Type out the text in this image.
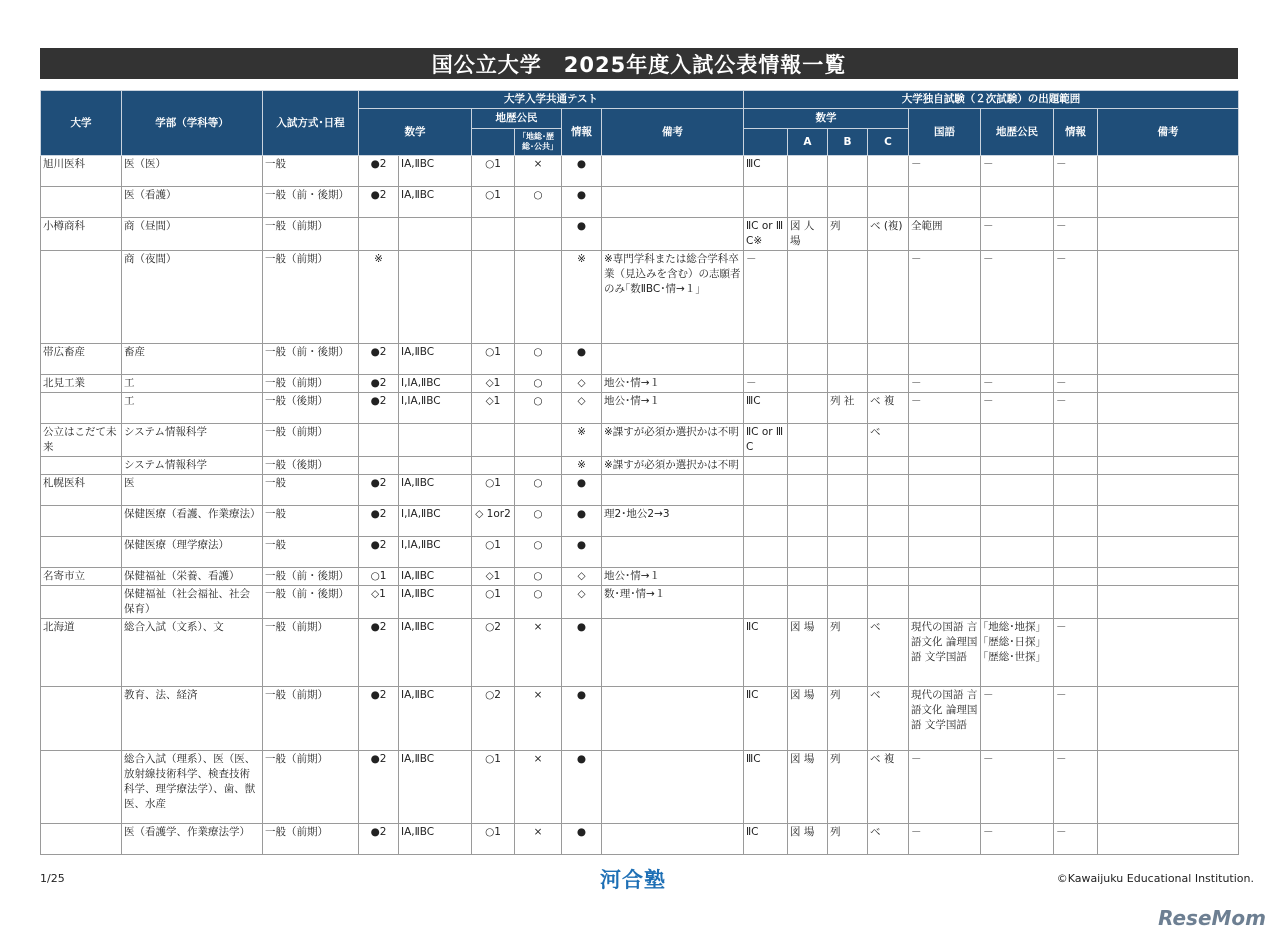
国公立大学　2025年度入試公表情報一覧
大学	学部（学科等）	入試方式･日程	大学入学共通テスト						大学独自試験（２次試験）の出題範囲							
			数学		地歴公民		情報	備考	数学				国語	地歴公民	情報	備考
						｢地総･歴総･公共｣				A	B	C				
旭川医科	医（医）	一般	●2	ⅠA,ⅡBC	○1	×	●		ⅢC				－	－	－	
	医（看護）	一般（前・後期）	●2	ⅠA,ⅡBC	○1	○	●									
小樽商科	商（昼間）	一般（前期）					●		ⅡC or ⅢC※	図 人 場	列	ベ (複)	全範囲	－	－	
	商（夜間）	一般（前期）	※				※	※専門学科または総合学科卒業（見込みを含む）の志願者のみ｢数ⅡBC･情→１｣	－				－	－	－	
帯広畜産	畜産	一般（前・後期）	●2	ⅠA,ⅡBC	○1	○	●									
北見工業	工	一般（前期）	●2	Ⅰ,ⅠA,ⅡBC	◇1	○	◇	地公･情→１	－				－	－	－	
	工	一般（後期）	●2	Ⅰ,ⅠA,ⅡBC	◇1	○	◇	地公･情→１	ⅢC		列 社	ベ 複	－	－	－	
公立はこだて未来	システム情報科学	一般（前期）					※	※課すが必須か選択かは不明	ⅡC or ⅢC			ベ				
	システム情報科学	一般（後期）					※	※課すが必須か選択かは不明								
札幌医科	医	一般	●2	ⅠA,ⅡBC	○1	○	●									
	保健医療（看護、作業療法）	一般	●2	Ⅰ,ⅠA,ⅡBC	◇ 1or2	○	●	理2･地公2→3								
	保健医療（理学療法）	一般	●2	Ⅰ,ⅠA,ⅡBC	○1	○	●									
名寄市立	保健福祉（栄養、看護）	一般（前・後期）	○1	ⅠA,ⅡBC	◇1	○	◇	地公･情→１								
	保健福祉（社会福祉、社会保育）	一般（前・後期）	◇1	ⅠA,ⅡBC	○1	○	◇	数･理･情→１								
北海道	総合入試（文系）、文	一般（前期）	●2	ⅠA,ⅡBC	○2	×	●		ⅡC	図 場	列	ベ	現代の国語 言語文化 論理国語 文学国語	｢地総･地探｣ ｢歴総･日探｣ ｢歴総･世探｣	－	
	教育、法、経済	一般（前期）	●2	ⅠA,ⅡBC	○2	×	●		ⅡC	図 場	列	ベ	現代の国語 言語文化 論理国語 文学国語	－	－	
	総合入試（理系）、医（医、放射線技術科学、検査技術科学、理学療法学）、歯、獣医、水産	一般（前期）	●2	ⅠA,ⅡBC	○1	×	●		ⅢC	図 場	列	ベ 複	－	－	－	
	医（看護学、作業療法学）	一般（前期）	●2	ⅠA,ⅡBC	○1	×	●		ⅡC	図 場	列	ベ	－	－	－	
1/25	河合塾	©Kawaijuku Educational Institution.
ReseMom
